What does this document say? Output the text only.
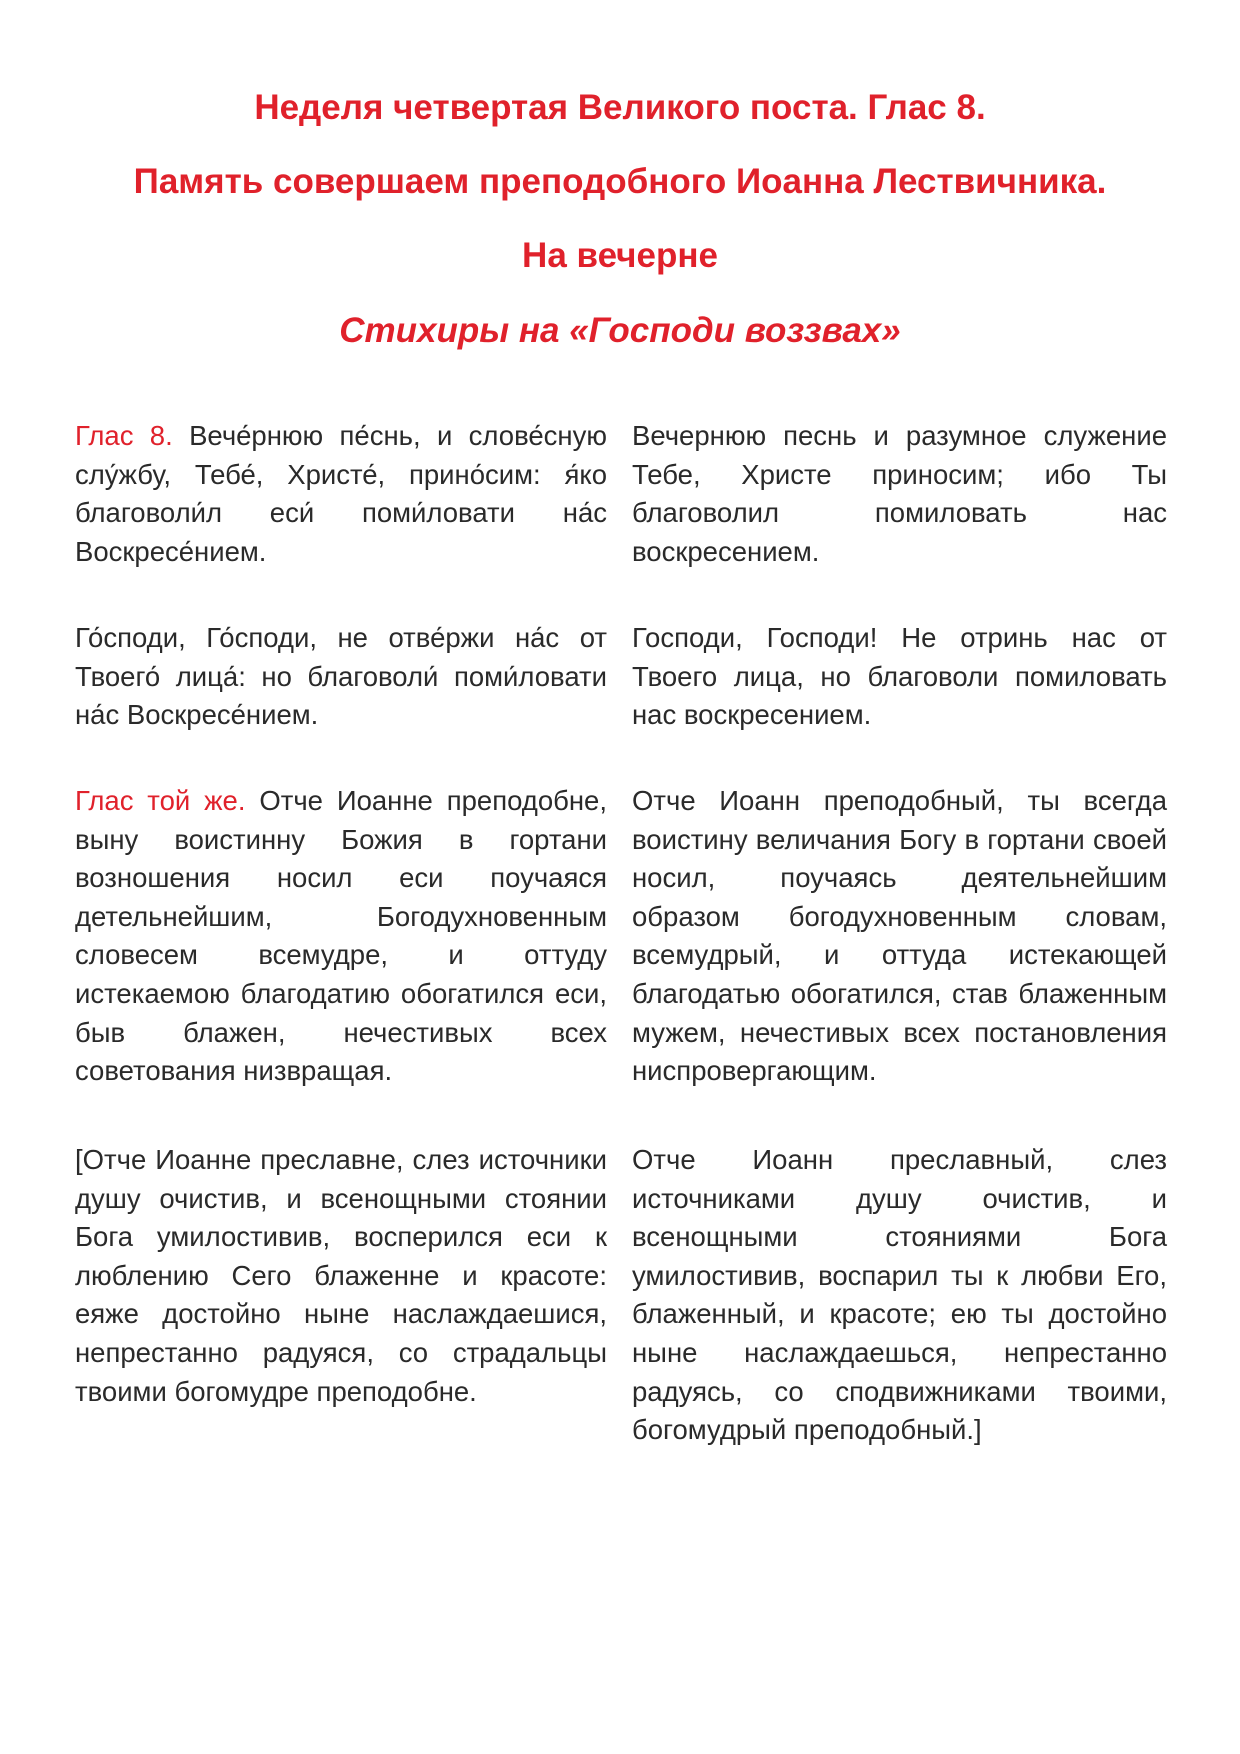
Неделя четвертая Великого поста. Глас 8.
Память совершаем преподобного Иоанна Лествичника.
На вечерне
Стихиры на «Господи воззвах»
Глас 8. Вече́рнюю пе́снь, и слове́сную слу́жбу, Тебе́, Христе́, прино́сим: я́ко благоволи́л еси́ поми́ловати на́с Воскресе́нием.
Вечернюю песнь и разумное служение Тебе, Христе приносим; ибо Ты благоволил помиловать нас воскресением.
Го́споди, Го́споди, не отве́ржи на́с от Твоего́ лица́: но благоволи́ поми́ловати на́с Воскресе́нием.
Господи, Господи! Не отринь нас от Твоего лица, но благоволи помиловать нас воскресением.
Глас той же. Отче Иоанне преподобне, выну воистинну Божия в гортани возношения носил еси поучаяся детельнейшим, Богодухновенным словесем всемудре, и оттуду истекаемою благодатию обогатился еси, быв блажен, нечестивых всех советования низвращая.
Отче Иоанн преподобный, ты всегда воистину величания Богу в гортани своей носил, поучаясь деятельнейшим образом богодухновенным словам, всемудрый, и оттуда истекающей благодатью обогатился, став блаженным мужем, нечестивых всех постановления ниспровергающим.
[Отче Иоанне преславне, слез источники душу очистив, и всенощными стоянии Бога умилостивив, восперился еси к люблению Сего блаженне и красоте: еяже достойно ныне наслаждаешися, непрестанно радуяся, со страдальцы твоими богомудре преподобне.
Отче Иоанн преславный, слез источниками душу очистив, и всенощными стояниями Бога умилостивив, воспарил ты к любви Его, блаженный, и красоте; ею ты достойно ныне наслаждаешься, непрестанно радуясь, со сподвижниками твоими, богомудрый преподобный.]
